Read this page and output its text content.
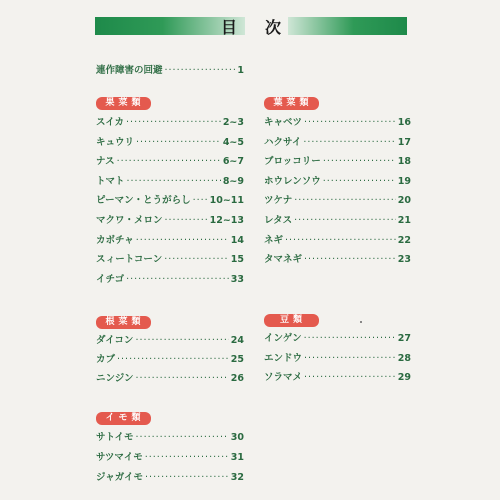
目 次
連作障害の回避 ·····	1
果菜類
スイカ ·····	2~3
キュウリ ·····	4~5
ナス ·····	6~7
トマト ·····	8~9
ピーマン・とうがらし ····· 10~11
マクワ・メロン ·····	12~13
カボチャ ·····	14
スィートコーン ·····	15
イチゴ ·····	33
根菜類
ダイコン ·····	24
カブ ·····	25
ニンジン ·····	26
イモ類
サトイモ ·····	30
サツマイモ ·····	31
ジャガイモ ·····	32
葉菜類
キャベツ ·····	16
ハクサイ ·····	17
ブロッコリー ·····	18
ホウレンソウ ·····	19
ツケナ ·····	20
レタス ·····	21
ネギ ·····	22
タマネギ ·····	23
豆類
インゲン ·····	27
エンドウ ·····	28
ソラマメ ·····	29
